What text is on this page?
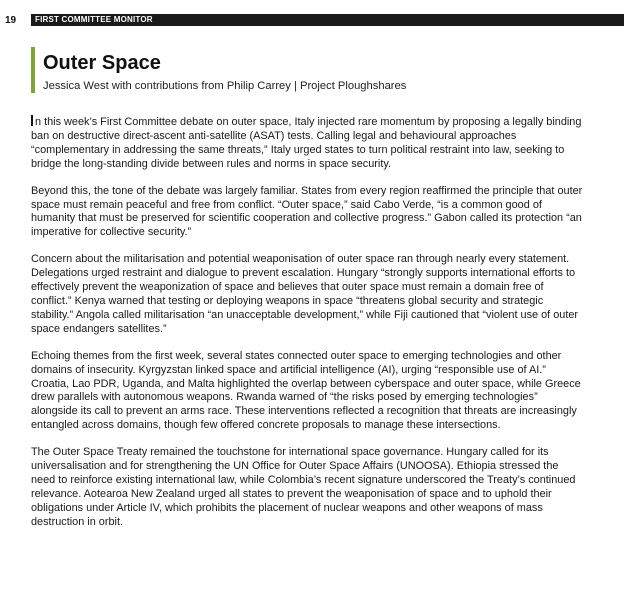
19 FIRST COMMITTEE MONITOR
Outer Space

Jessica West with contributions from Philip Carrey | Project Ploughshares

n this week’s First Committee debate on outer space, Italy injected rare momentum by proposing a legally binding ban on destructive direct-ascent anti-satellite (ASAT) tests. Calling legal and behavioural approaches “complementary in addressing the same threats,” Italy urged states to turn political restraint into law, seeking to bridge the long-standing divide between rules and norms in space security.

Beyond this, the tone of the debate was largely familiar. States from every region reaffirmed the principle that outer space must remain peaceful and free from conflict. “Outer space,” said Cabo Verde, “is a common good of humanity that must be preserved for scientific cooperation and collective progress.” Gabon called its protection “an imperative for collective security.”

Concern about the militarisation and potential weaponisation of outer space ran through nearly every statement. Delegations urged restraint and dialogue to prevent escalation. Hungary “strongly supports international efforts to effectively prevent the weaponization of space and believes that outer space must remain a domain free of conflict.” Kenya warned that testing or deploying weapons in space “threatens global security and strategic stability.” Angola called militarisation “an unacceptable development,” while Fiji cautioned that “violent use of outer space endangers satellites.”

Echoing themes from the first week, several states connected outer space to emerging technologies and other domains of insecurity. Kyrgyzstan linked space and artificial intelligence (AI), urging “responsible use of AI.” Croatia, Lao PDR, Uganda, and Malta highlighted the overlap between cyberspace and outer space, while Greece drew parallels with autonomous weapons. Rwanda warned of “the risks posed by emerging technologies” alongside its call to prevent an arms race. These interventions reflected a recognition that threats are increasingly entangled across domains, though few offered concrete proposals to manage these intersections.

The Outer Space Treaty remained the touchstone for international space governance. Hungary called for its universalisation and for strengthening the UN Office for Outer Space Affairs (UNOOSA). Ethiopia stressed the need to reinforce existing international law, while Colombia’s recent signature underscored the Treaty’s continued relevance. Aotearoa New Zealand urged all states to prevent the weaponisation of space and to uphold their obligations under Article IV, which prohibits the placement of nuclear weapons and other weapons of mass destruction in orbit.
